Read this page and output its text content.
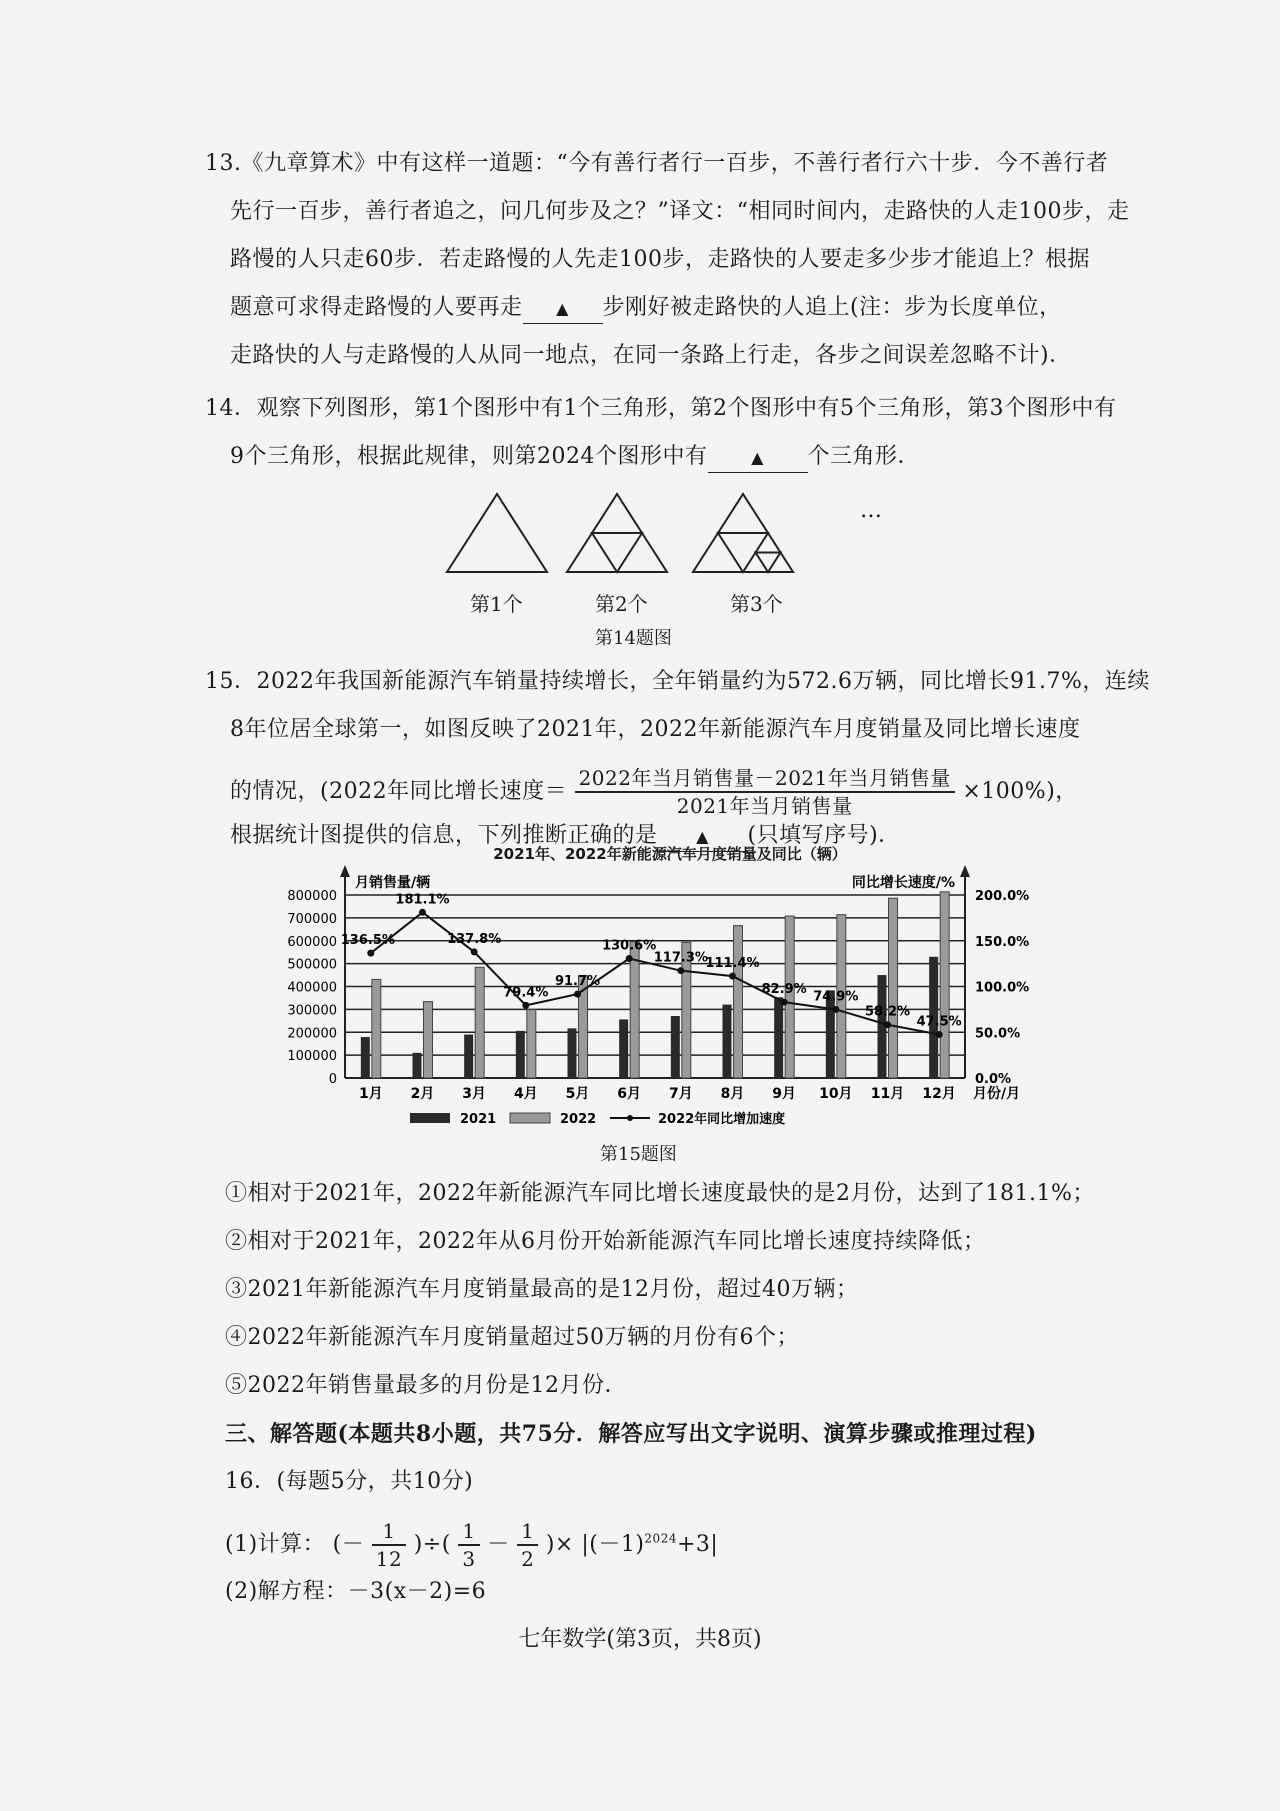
13.《九章算术》中有这样一道题：“今有善行者行一百步，不善行者行六十步．今不善行者
先行一百步，善行者追之，问几何步及之？”译文：“相同时间内，走路快的人走100步，走
路慢的人只走60步．若走路慢的人先走100步，走路快的人要走多少步才能追上？根据
题意可求得走路慢的人要再走 ▲ 步刚好被走路快的人追上(注：步为长度单位，
走路快的人与走路慢的人从同一地点，在同一条路上行走，各步之间误差忽略不计)．
14．观察下列图形，第1个图形中有1个三角形，第2个图形中有5个三角形，第3个图形中有
9个三角形，根据此规律，则第2024个图形中有	▲ 个三角形．
…
第1个	第2个	第3个
第14题图
15．2022年我国新能源汽车销量持续增长，全年销量约为572.6万辆，同比增长91.7%，连续
8年位居全球第一，如图反映了2021年，2022年新能源汽车月度销量及同比增长速度
的情况，(2022年同比增长速度＝ $\frac{\text{2022年当月销售量－2021年当月销售量}}{\text{2021年当月销售量}} \times 100\%$)，
根据统计图提供的信息，下列推断正确的是 ▲ (只填写序号)．
2021年、2022年新能源汽车月度销量及同比（辆）
0
100000
200000
300000
400000
500000
600000
700000
800000
0.0%
50.0%
100.0%
150.0%
200.0%
月销售量/辆	同比增长速度/%
1月 2月 3月 4月 5月 6月 7月 8月 9月 10月 11月 12月 月份/月
136.5%
181.1%
137.8%
79.4%
91.7%
130.6%
117.3%
111.4%
82.9% 74.9%
58.2%
47.5%
2021	2022	2022年同比增加速度
第15题图
①相对于2021年，2022年新能源汽车同比增长速度最快的是2月份，达到了181.1%；
②相对于2021年，2022年从6月份开始新能源汽车同比增长速度持续降低；
③2021年新能源汽车月度销量最高的是12月份，超过40万辆；
④2022年新能源汽车月度销量超过50万辆的月份有6个；
⑤2022年销售量最多的月份是12月份．
三、解答题(本题共8小题，共75分．解答应写出文字说明、演算步骤或推理过程)
16．(每题5分，共10分)
(1)计算： (－ $\frac{1}{12}$ )÷( $\frac{1}{3} - \frac{1}{2}$ )× $|(-1)^{2024}+3|$
(2)解方程：－3(x－2)=6
七年数学(第3页，共8页)
